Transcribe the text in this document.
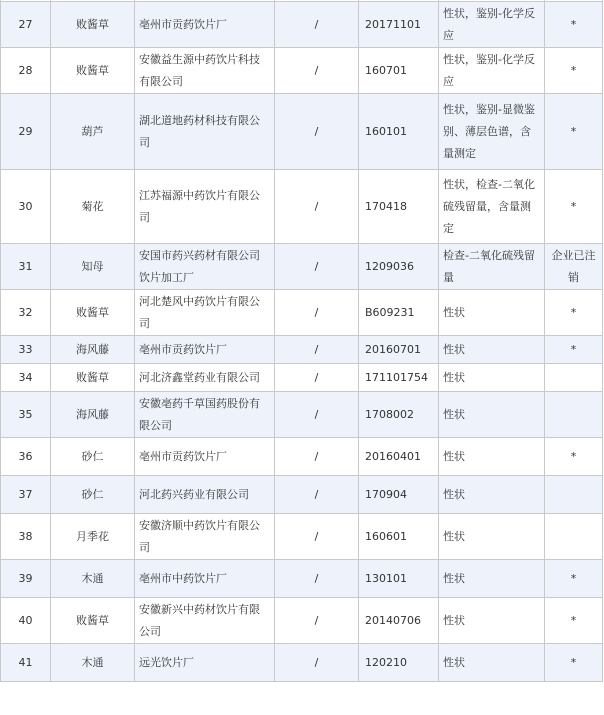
27	败酱草	亳州市贡药饮片厂	/	20171101	性状，鉴别-化学反应	*
28	败酱草	安徽益生源中药饮片科技有限公司	/	160701	性状，鉴别-化学反应	*
29	葫芦	湖北道地药材科技有限公司	/	160101	性状，鉴别-显微鉴别、薄层色谱，含量测定	*
30	菊花	江苏福源中药饮片有限公司	/	170418	性状，检查-二氧化硫残留量，含量测定	*
31	知母	安国市药兴药材有限公司饮片加工厂	/	1209036	检查-二氧化硫残留量	企业已注销
32	败酱草	河北楚风中药饮片有限公司	/	B609231	性状	*
33	海风藤	亳州市贡药饮片厂	/	20160701	性状	*
34	败酱草	河北济鑫堂药业有限公司	/	171101754	性状	
35	海风藤	安徽亳药千草国药股份有限公司	/	1708002	性状	
36	砂仁	亳州市贡药饮片厂	/	20160401	性状	*
37	砂仁	河北药兴药业有限公司	/	170904	性状	
38	月季花	安徽济顺中药饮片有限公司	/	160601	性状	
39	木通	亳州市中药饮片厂	/	130101	性状	*
40	败酱草	安徽新兴中药材饮片有限公司	/	20140706	性状	*
41	木通	远光饮片厂	/	120210	性状	*
